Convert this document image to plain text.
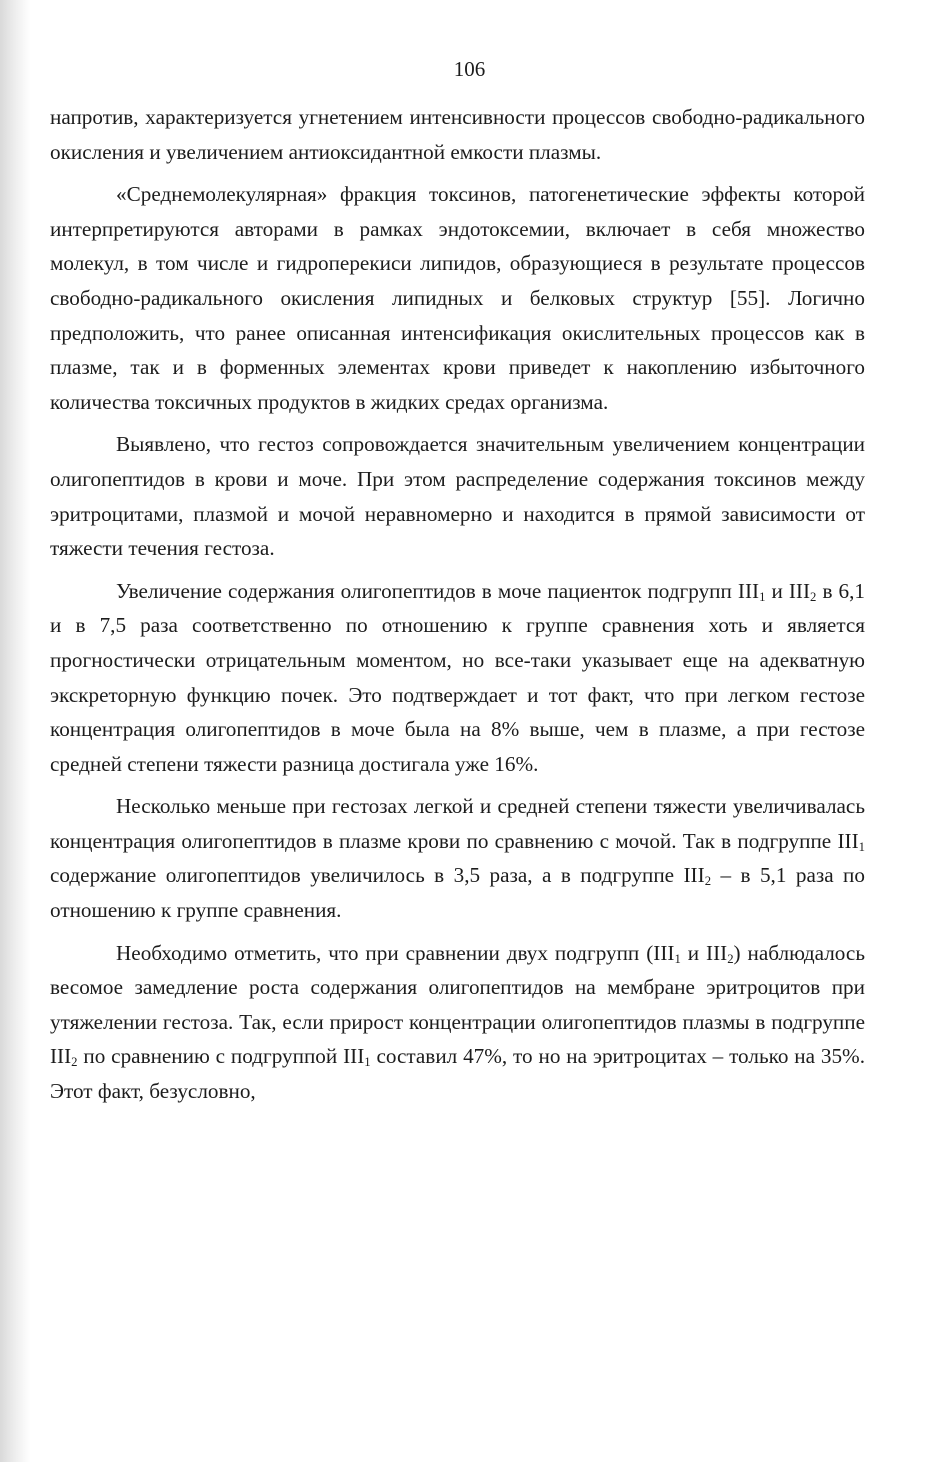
106

напротив, характеризуется угнетением интенсивности процессов свободно-радикального окисления и увеличением антиоксидантной емкости плазмы.

«Среднемолекулярная» фракция токсинов, патогенетические эффекты которой интерпретируются авторами в рамках эндотоксемии, включает в себя множество молекул, в том числе и гидроперекиси липидов, образующиеся в результате процессов свободно-радикального окисления липидных и белковых структур [55]. Логично предположить, что ранее описанная интенсификация окислительных процессов как в плазме, так и в форменных элементах крови приведет к накоплению избыточного количества токсичных продуктов в жидких средах организма.

Выявлено, что гестоз сопровождается значительным увеличением концентрации олигопептидов в крови и моче. При этом распределение содержания токсинов между эритроцитами, плазмой и мочой неравномерно и находится в прямой зависимости от тяжести течения гестоза.

Увеличение содержания олигопептидов в моче пациенток подгрупп $III_1$ и $III_2$ в 6,1 и в 7,5 раза соответственно по отношению к группе сравнения хоть и является прогностически отрицательным моментом, но все-таки указывает еще на адекватную экскреторную функцию почек. Это подтверждает и тот факт, что при легком гестозе концентрация олигопептидов в моче была на 8% выше, чем в плазме, а при гестозе средней степени тяжести разница достигала уже 16%.

Несколько меньше при гестозах легкой и средней степени тяжести увеличивалась концентрация олигопептидов в плазме крови по сравнению с мочой. Так в подгруппе $III_1$ содержание олигопептидов увеличилось в 3,5 раза, а в подгруппе $III_2$ – в 5,1 раза по отношению к группе сравнения.

Необходимо отметить, что при сравнении двух подгрупп ($III_1$ и $III_2$) наблюдалось весомое замедление роста содержания олигопептидов на мембране эритроцитов при утяжелении гестоза. Так, если прирост концентрации олигопептидов плазмы в подгруппе $III_2$ по сравнению с подгруппой $III_1$ составил 47%, то но на эритроцитах – только на 35%. Этот факт, безусловно,
